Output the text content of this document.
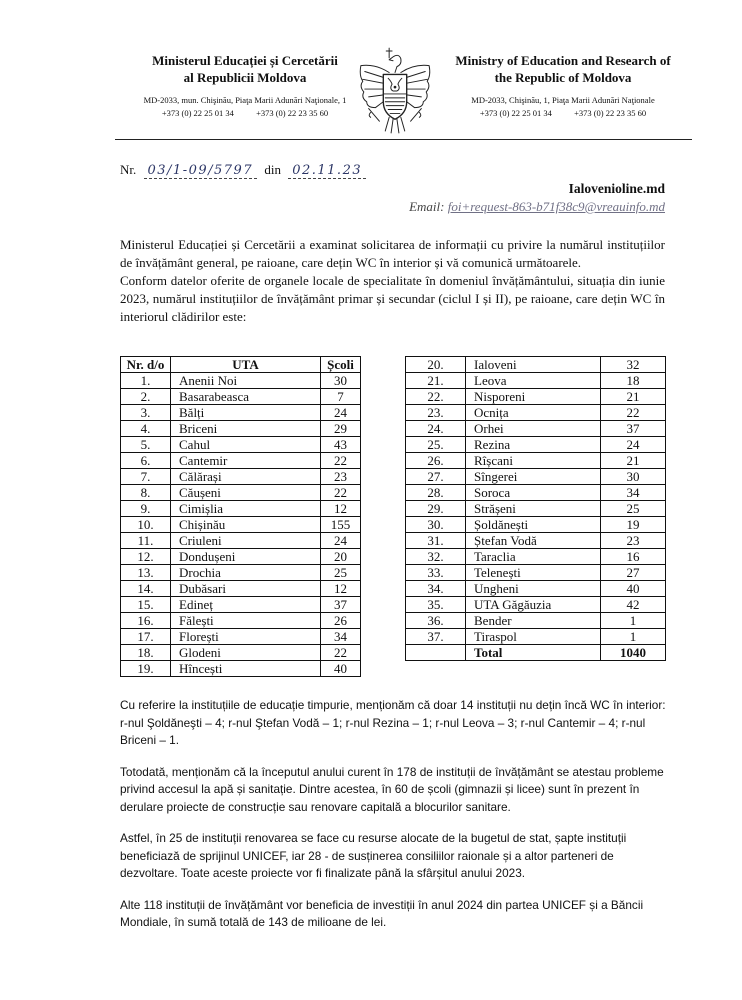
Ministerul Educației și Cercetării
al Republicii Moldova
MD-2033, mun. Chişinău, Piaţa Marii Adunări Naţionale, 1
+373 (0) 22 25 01 34	+373 (0) 22 23 35 60
Ministry of Education and Research of
the Republic of Moldova
MD-2033, Chişinău, 1, Piaţa Marii Adunări Naţionale
+373 (0) 22 25 01 34	+373 (0) 22 23 35 60
Nr. 03/1-09/5797 din 02.11.23
Ialovenioline.md
Email: foi+request-863-b71f38c9@vreauinfo.md

Ministerul Educației și Cercetării a examinat solicitarea de informații cu privire la numărul instituțiilor de învățământ general, pe raioane, care dețin WC în interior și vă comunică următoarele.

Conform datelor oferite de organele locale de specialitate în domeniul învățământului, situația din iunie 2023, numărul instituțiilor de învățământ primar și secundar (ciclul I și II), pe raioane, care dețin WC în interiorul clădirilor este:

Nr. d/o	UTA	Școli
1.	Anenii Noi	30
2.	Basarabeasca	7
3.	Bălți	24
4.	Briceni	29
5.	Cahul	43
6.	Cantemir	22
7.	Călărași	23
8.	Căușeni	22
9.	Cimișlia	12
10.	Chișinău	155
11.	Criuleni	24
12.	Dondușeni	20
13.	Drochia	25
14.	Dubăsari	12
15.	Edineț	37
16.	Fălești	26
17.	Florești	34
18.	Glodeni	22
19.	Hîncești	40
20.	Ialoveni	32
21.	Leova	18
22.	Nisporeni	21
23.	Ocnița	22
24.	Orhei	37
25.	Rezina	24
26.	Rîșcani	21
27.	Sîngerei	30
28.	Soroca	34
29.	Strășeni	25
30.	Șoldănești	19
31.	Ștefan Vodă	23
32.	Taraclia	16
33.	Telenești	27
34.	Ungheni	40
35.	UTA Găgăuzia	42
36.	Bender	1
37.	Tiraspol	1
	Total	1040

Cu referire la instituțiile de educație timpurie, menționăm că doar 14 instituții nu dețin încă WC în interior: r-nul Şoldăneşti – 4; r-nul Ştefan Vodă – 1; r-nul Rezina – 1; r-nul Leova – 3; r-nul Cantemir – 4; r-nul Briceni – 1.

Totodată, menționăm că la începutul anului curent în 178 de instituții de învățământ se atestau probleme privind accesul la apă și sanitație. Dintre acestea, în 60 de școli (gimnazii și licee) sunt în prezent în derulare proiecte de construcție sau renovare capitală a blocurilor sanitare.

Astfel, în 25 de instituții renovarea se face cu resurse alocate de la bugetul de stat, șapte instituții beneficiază de sprijinul UNICEF, iar 28 - de susținerea consiliilor raionale și a altor parteneri de dezvoltare. Toate aceste proiecte vor fi finalizate până la sfârșitul anului 2023.

Alte 118 instituții de învățământ vor beneficia de investiții în anul 2024 din partea UNICEF și a Băncii Mondiale, în sumă totală de 143 de milioane de lei.
